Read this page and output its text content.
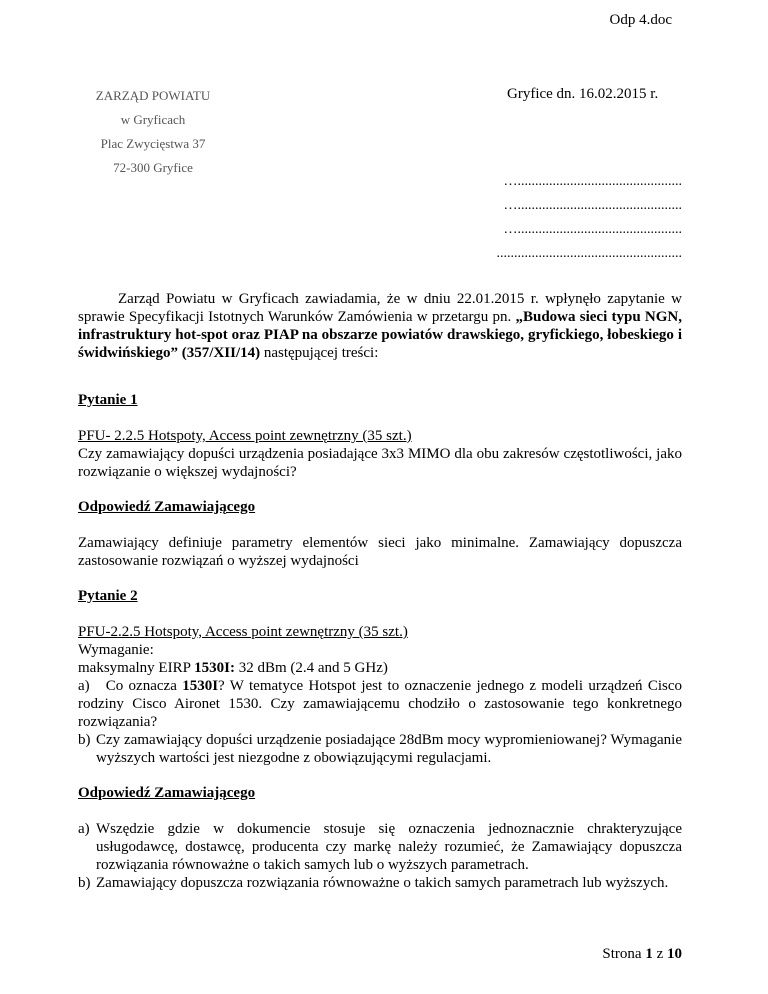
Odp 4.doc
ZARZĄD POWIATU
w Gryficach
Plac Zwycięstwa 37
72-300 Gryfice
Gryfice dn. 16.02.2015 r.
…...............................................
…...............................................
…...............................................
.....................................................
Zarząd Powiatu w Gryficach zawiadamia, że w dniu 22.01.2015 r. wpłynęło zapytanie w sprawie Specyfikacji Istotnych Warunków Zamówienia w przetargu pn. „Budowa sieci typu NGN, infrastruktury hot-spot oraz PIAP na obszarze powiatów drawskiego, gryfickiego, łobeskiego i świdwińskiego” (357/XII/14) następującej treści:
Pytanie 1
PFU- 2.2.5 Hotspoty, Access point zewnętrzny (35 szt.)
Czy zamawiający dopuści urządzenia posiadające 3x3 MIMO dla obu zakresów częstotliwości, jako rozwiązanie o większej wydajności?
Odpowiedź Zamawiającego
Zamawiający definiuje parametry elementów sieci jako minimalne. Zamawiający dopuszcza zastosowanie rozwiązań o wyższej wydajności
Pytanie 2
PFU-2.2.5 Hotspoty, Access point zewnętrzny (35 szt.)
Wymaganie:
maksymalny EIRP 1530I: 32 dBm (2.4 and 5 GHz)
a) Co oznacza 1530I? W tematyce Hotspot jest to oznaczenie jednego z modeli urządzeń Cisco rodziny Cisco Aironet 1530. Czy zamawiającemu chodziło o zastosowanie tego konkretnego rozwiązania?
b) Czy zamawiający dopuści urządzenie posiadające 28dBm mocy wypromieniowanej? Wymaganie wyższych wartości jest niezgodne z obowiązującymi regulacjami.
Odpowiedź Zamawiającego
a) Wszędzie gdzie w dokumencie stosuje się oznaczenia jednoznacznie chrakteryzujące usługodawcę, dostawcę, producenta czy markę należy rozumieć, że Zamawiający dopuszcza rozwiązania równoważne o takich samych lub o wyższych parametrach.
b) Zamawiający dopuszcza rozwiązania równoważne o takich samych parametrach lub wyższych.
Strona 1 z 10
